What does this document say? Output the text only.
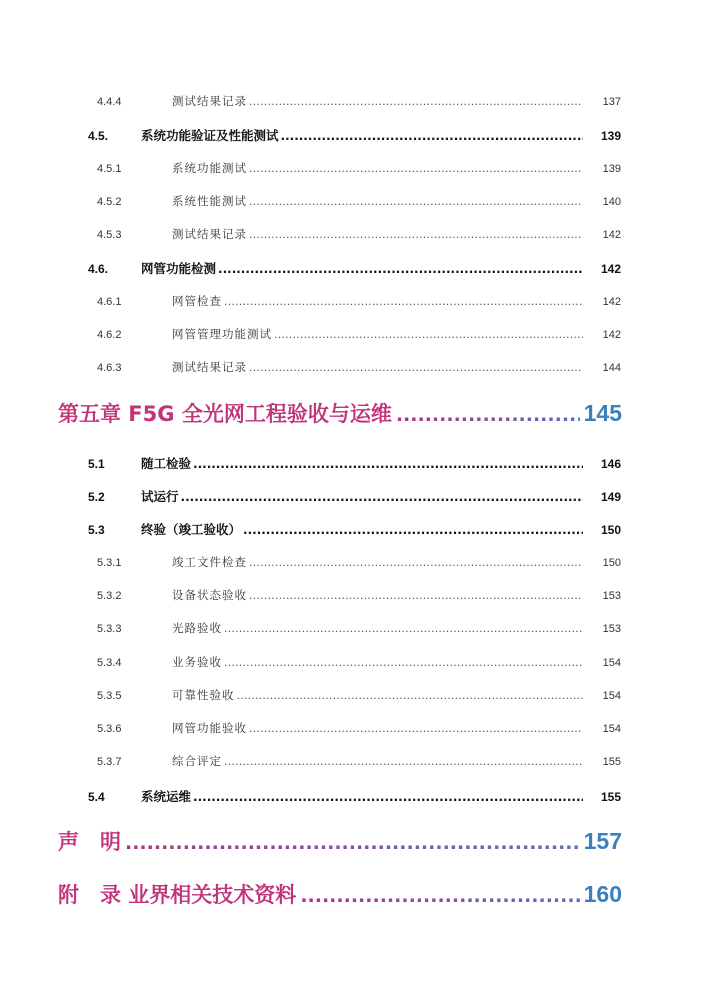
4.4.4	测试结果记录 .....	137
4.5.	系统功能验证及性能测试 .....	139
4.5.1	系统功能测试 .....	139
4.5.2	系统性能测试 .....	140
4.5.3	测试结果记录 .....	142
4.6.	网管功能检测 .....	142
4.6.1	网管检查 .....	142
4.6.2	网管管理功能测试 .....	142
4.6.3	测试结果记录 .....	144
第五章 F5G 全光网工程验收与运维 .....	145
5.1	随工检验 .....	146
5.2	试运行 .....	149
5.3	终验（竣工验收） .....	150
5.3.1	竣工文件检查 .....	150
5.3.2	设备状态验收 .....	153
5.3.3	光路验收 .....	153
5.3.4	业务验收 .....	154
5.3.5	可靠性验收 .....	154
5.3.6	网管功能验收 .....	154
5.3.7	综合评定 .....	155
5.4	系统运维 .....	155
声　明 .....	157
附　录 业界相关技术资料 .....	160
